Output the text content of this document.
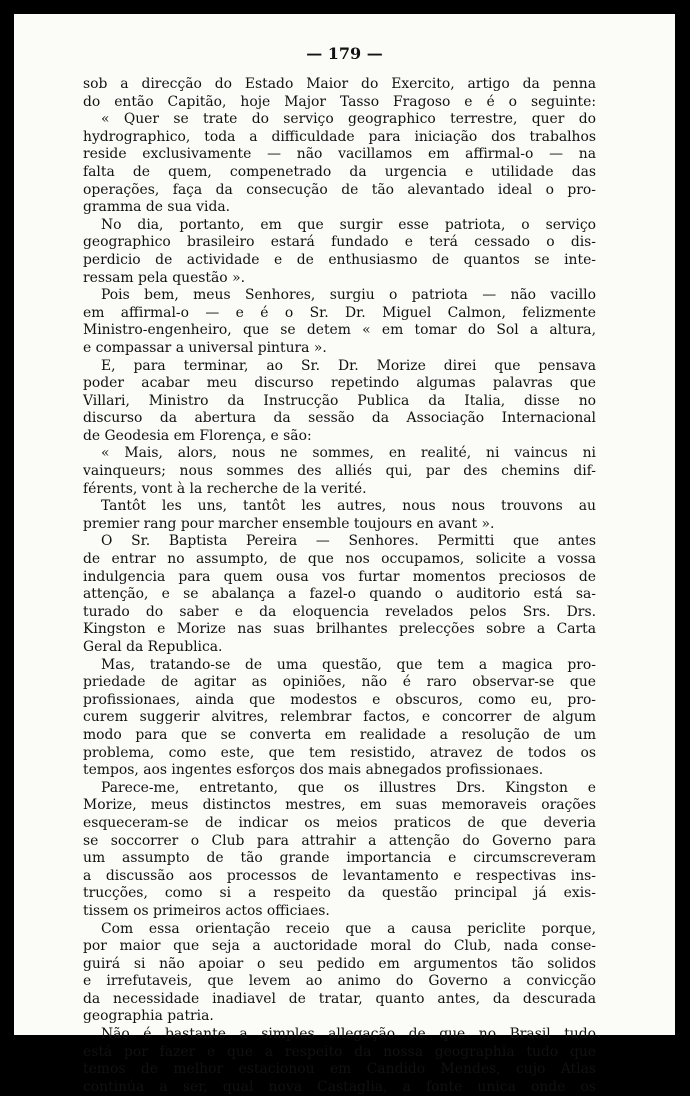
— 179 —
sob a direcção do Estado Maior do Exercito, artigo da penna
do então Capitão, hoje Major Tasso Fragoso e é o seguinte:
« Quer se trate do serviço geographico terrestre, quer do
hydrographico, toda a difficuldade para iniciação dos trabalhos
reside exclusivamente — não vacillamos em affirmal-o — na
falta de quem, compenetrado da urgencia e utilidade das
operações, faça da consecução de tão alevantado ideal o pro-
gramma de sua vida.
No dia, portanto, em que surgir esse patriota, o serviço
geographico brasileiro estará fundado e terá cessado o dis-
perdicio de actividade e de enthusiasmo de quantos se inte-
ressam pela questão ».
Pois bem, meus Senhores, surgiu o patriota — não vacillo
em affirmal-o — e é o Sr. Dr. Miguel Calmon, felizmente
Ministro-engenheiro, que se detem « em tomar do Sol a altura,
e compassar a universal pintura ».
E, para terminar, ao Sr. Dr. Morize direi que pensava
poder acabar meu discurso repetindo algumas palavras que
Villari, Ministro da Instrucção Publica da Italia, disse no
discurso da abertura da sessão da Associação Internacional
de Geodesia em Florença, e são:
« Mais, alors, nous ne sommes, en realité, ni vaincus ni
vainqueurs; nous sommes des alliés qui, par des chemins dif-
férents, vont à la recherche de la verité.
Tantôt les uns, tantôt les autres, nous nous trouvons au
premier rang pour marcher ensemble toujours en avant ».
O Sr. Baptista Pereira — Senhores. Permitti que antes
de entrar no assumpto, de que nos occupamos, solicite a vossa
indulgencia para quem ousa vos furtar momentos preciosos de
attenção, e se abalança a fazel-o quando o auditorio está sa-
turado do saber e da eloquencia revelados pelos Srs. Drs.
Kingston e Morize nas suas brilhantes prelecções sobre a Carta
Geral da Republica.
Mas, tratando-se de uma questão, que tem a magica pro-
priedade de agitar as opiniões, não é raro observar-se que
profissionaes, ainda que modestos e obscuros, como eu, pro-
curem suggerir alvitres, relembrar factos, e concorrer de algum
modo para que se converta em realidade a resolução de um
problema, como este, que tem resistido, atravez de todos os
tempos, aos ingentes esforços dos mais abnegados profissionaes.
Parece-me, entretanto, que os illustres Drs. Kingston e
Morize, meus distinctos mestres, em suas memoraveis orações
esqueceram-se de indicar os meios praticos de que deveria
se soccorrer o Club para attrahir a attenção do Governo para
um assumpto de tão grande importancia e circumscreveram
a discussão aos processos de levantamento e respectivas ins-
trucções, como si a respeito da questão principal já exis-
tissem os primeiros actos officiaes.
Com essa orientação receio que a causa periclite porque,
por maior que seja a auctoridade moral do Club, nada conse-
guirá si não apoiar o seu pedido em argumentos tão solidos
e irrefutaveis, que levem ao animo do Governo a convicção
da necessidade inadiavel de tratar, quanto antes, da descurada
geographia patria.
Não é bastante a simples allegação de que no Brasil tudo
está por fazer e que a respeito da nossa geographia tudo que
temos de melhor estacionou em Candido Mendes, cujo Atlas
continúa a ser, qual nova Castaglia, a fonte unica onde os
